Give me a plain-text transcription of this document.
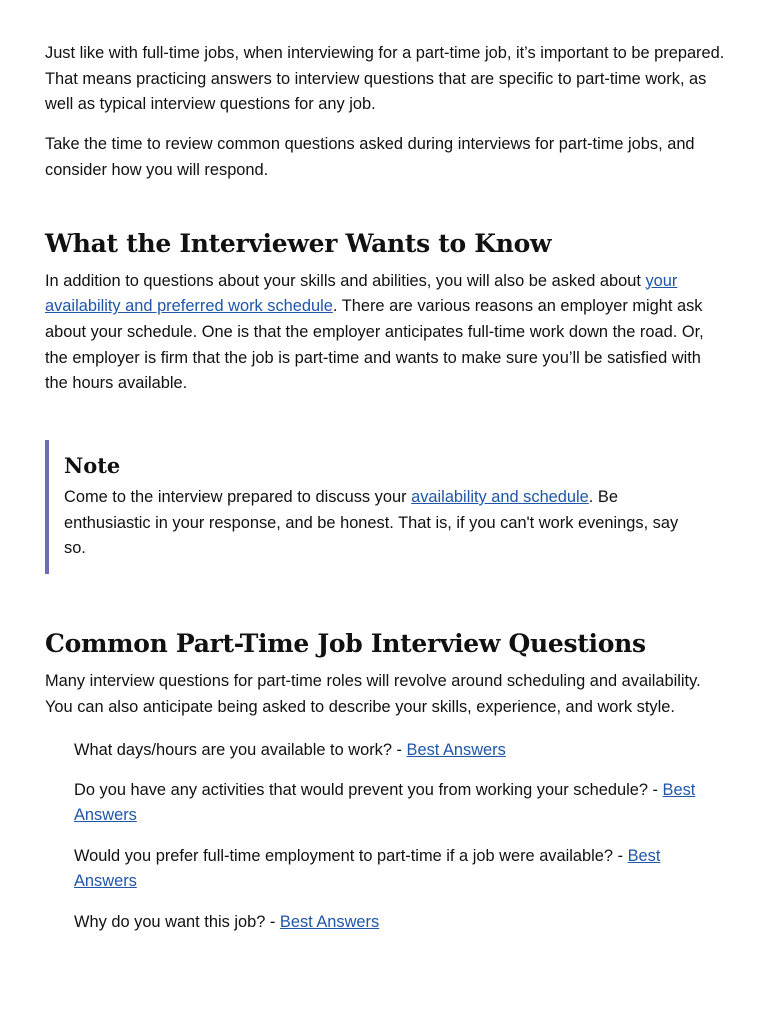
Just like with full-time jobs, when interviewing for a part-time job, it’s important to be prepared. That means practicing answers to interview questions that are specific to part-time work, as well as typical interview questions for any job.

Take the time to review common questions asked during interviews for part-time jobs, and consider how you will respond.

What the Interviewer Wants to Know

In addition to questions about your skills and abilities, you will also be asked about your availability and preferred work schedule. There are various reasons an employer might ask about your schedule. One is that the employer anticipates full-time work down the road. Or, the employer is firm that the job is part-time and wants to make sure you’ll be satisfied with the hours available.

Note

Come to the interview prepared to discuss your availability and schedule. Be enthusiastic in your response, and be honest. That is, if you can't work evenings, say so.

Common Part-Time Job Interview Questions

Many interview questions for part-time roles will revolve around scheduling and availability. You can also anticipate being asked to describe your skills, experience, and work style.

What days/hours are you available to work? - Best Answers
Do you have any activities that would prevent you from working your schedule? - Best Answers
Would you prefer full-time employment to part-time if a job were available? - Best Answers
Why do you want this job? - Best Answers
